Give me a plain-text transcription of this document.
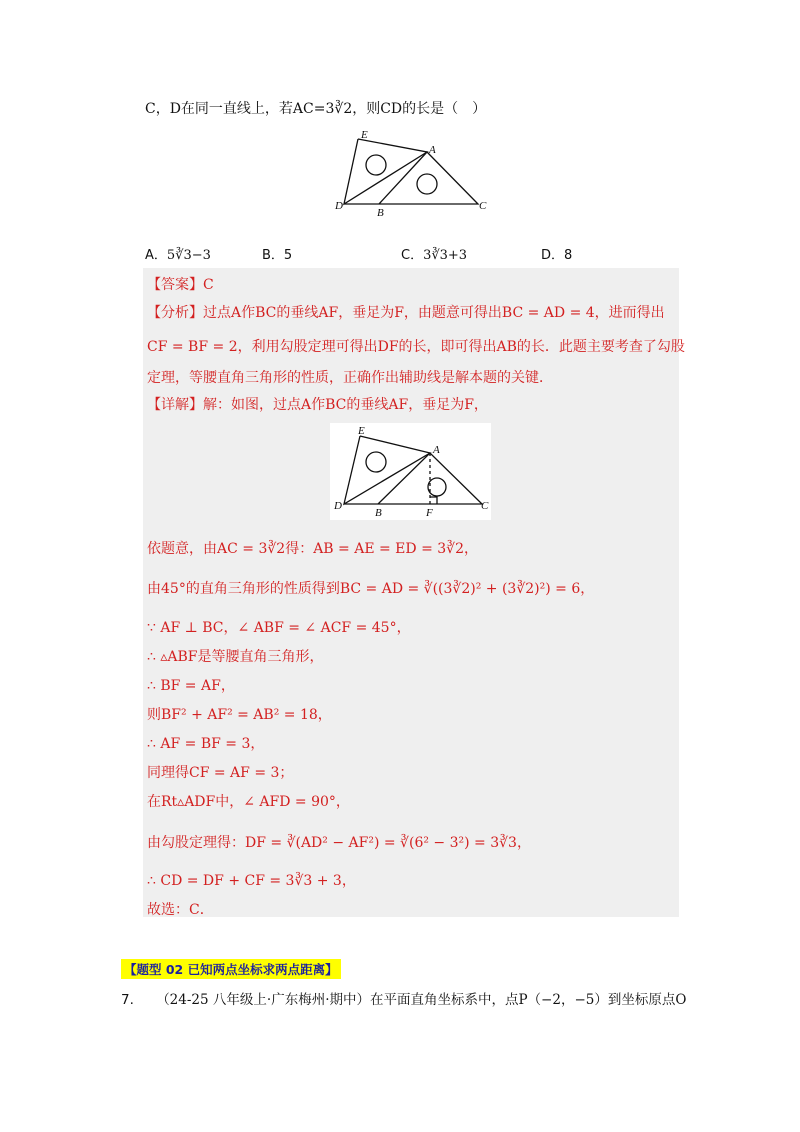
C，D在同一直线上，若AC=3∛2，则CD的长是（　）
E
A
D
B
C
A．5∛3−3	B．5	C．3∛3+3	D．8
【答案】C
【分析】过点A作BC的垂线AF，垂足为F，由题意可得出BC = AD = 4，进而得出
CF = BF = 2，利用勾股定理可得出DF的长，即可得出AB的长．此题主要考查了勾股
定理，等腰直角三角形的性质，正确作出辅助线是解本题的关键．
【详解】解：如图，过点A作BC的垂线AF，垂足为F，
E
A
D
B
C
F
依题意，由AC = 3∛2得：AB = AE = ED = 3∛2，
由45°的直角三角形的性质得到BC = AD = ∛((3∛2)² + (3∛2)²) = 6，
∵ AF ⊥ BC，∠ ABF = ∠ ACF = 45°，
∴ ▵ABF是等腰直角三角形，
∴ BF = AF，
则BF² + AF² = AB² = 18，
∴ AF = BF = 3，
同理得CF = AF = 3；
在Rt▵ADF中，∠ AFD = 90°，
由勾股定理得：DF = ∛(AD² − AF²) = ∛(6² − 3²) = 3∛3，
∴ CD = DF + CF = 3∛3 + 3，
故选：C．
【题型 02 已知两点坐标求两点距离】
7. （24-25 八年级上·广东梅州·期中）在平面直角坐标系中，点P（−2，−5）到坐标原点O
